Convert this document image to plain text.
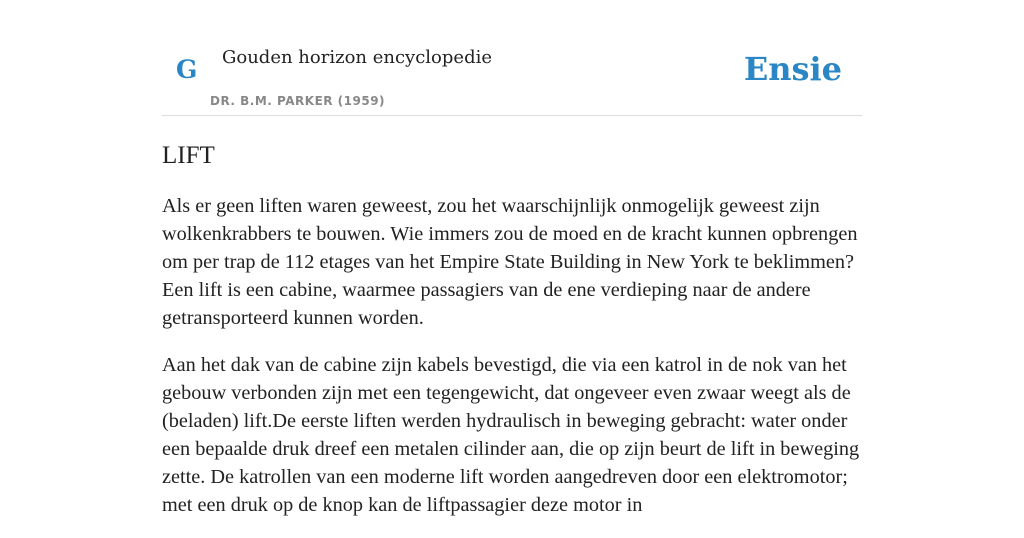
G Gouden horizon encyclopedie
DR. B.M. PARKER (1959)
Ensie
LIFT

Als er geen liften waren geweest, zou het waarschijnlijk onmogelijk geweest zijn wolkenkrabbers te bouwen. Wie immers zou de moed en de kracht kunnen opbrengen om per trap de 112 etages van het Empire State Building in New York te beklimmen? Een lift is een cabine, waarmee passagiers van de ene verdieping naar de andere getransporteerd kunnen worden.

Aan het dak van de cabine zijn kabels bevestigd, die via een katrol in de nok van het gebouw verbonden zijn met een tegengewicht, dat ongeveer even zwaar weegt als de (beladen) lift.De eerste liften werden hydraulisch in beweging gebracht: water onder een bepaalde druk dreef een metalen cilinder aan, die op zijn beurt de lift in beweging zette. De katrollen van een moderne lift worden aangedreven door een elektromotor; met een druk op de knop kan de liftpassagier deze motor in
